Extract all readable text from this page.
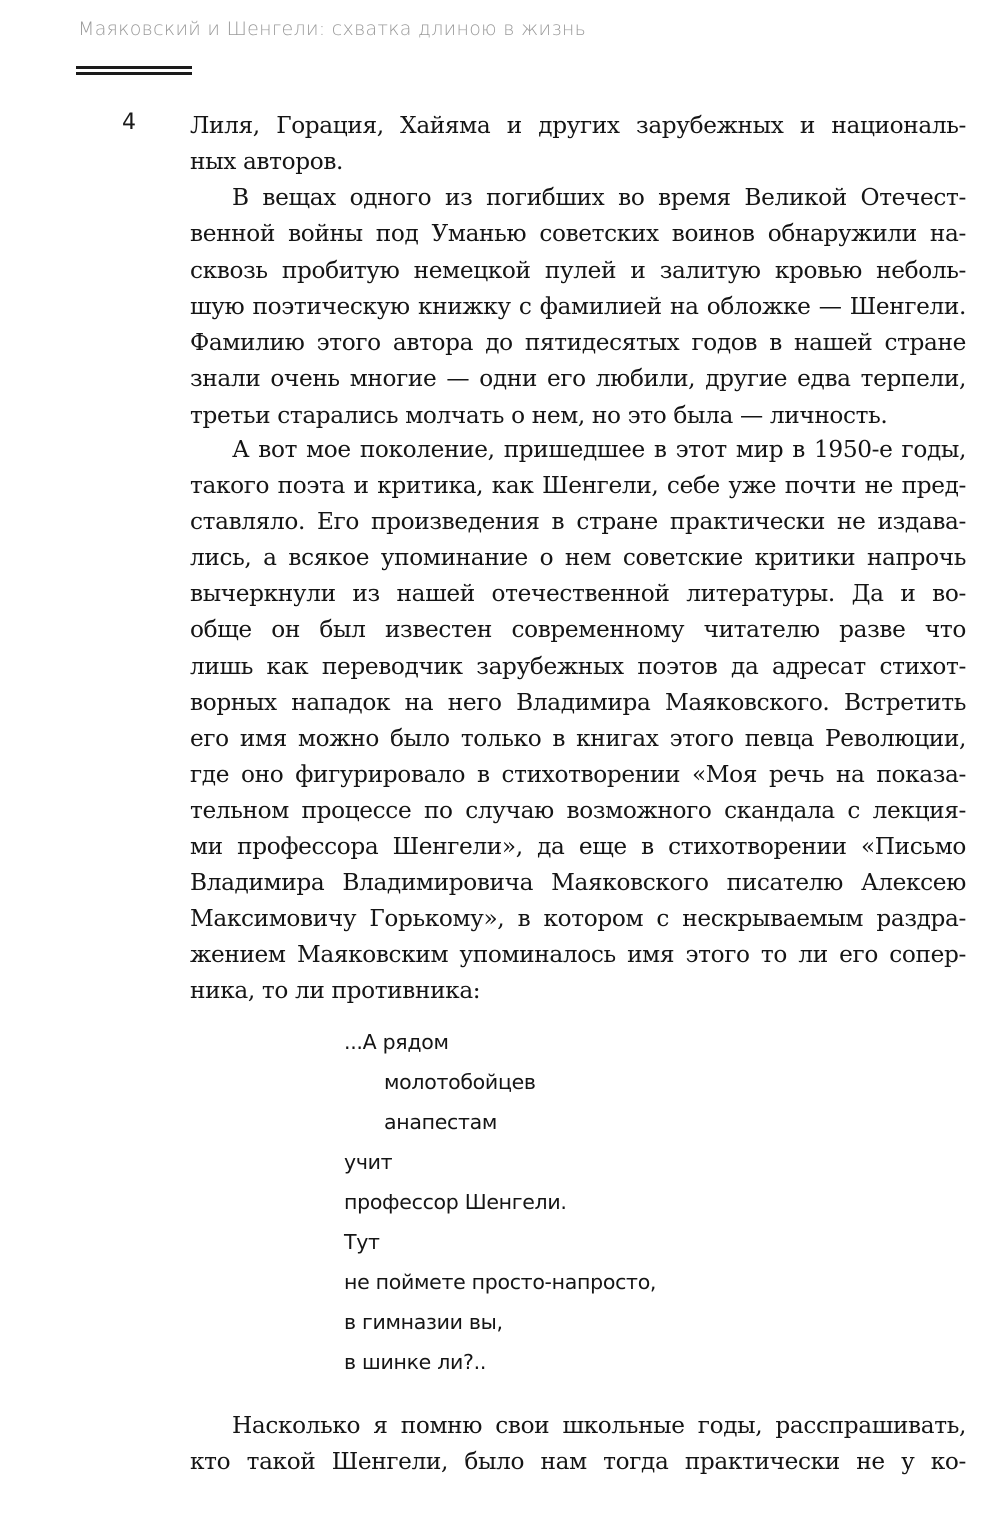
Маяковский и Шенгели: схватка длиною в жизнь
4 Лиля, Горация, Хайяма и других зарубежных и националь-
ных авторов.
В вещах одного из погибших во время Великой Отечест-
венной войны под Уманью советских воинов обнаружили на-
сквозь пробитую немецкой пулей и залитую кровью неболь-
шую поэтическую книжку с фамилией на обложке — Шенгели.
Фамилию этого автора до пятидесятых годов в нашей стране
знали очень многие — одни его любили, другие едва терпели,
третьи старались молчать о нем, но это была — личность.
А вот мое поколение, пришедшее в этот мир в 1950-е годы,
такого поэта и критика, как Шенгели, себе уже почти не пред-
ставляло. Его произведения в стране практически не издава-
лись, а всякое упоминание о нем советские критики напрочь
вычеркнули из нашей отечественной литературы. Да и во-
обще он был известен современному читателю разве что
лишь как переводчик зарубежных поэтов да адресат стихот-
ворных нападок на него Владимира Маяковского. Встретить
его имя можно было только в книгах этого певца Революции,
где оно фигурировало в стихотворении «Моя речь на показа-
тельном процессе по случаю возможного скандала с лекция-
ми профессора Шенгели», да еще в стихотворении «Письмо
Владимира Владимировича Маяковского писателю Алексею
Максимовичу Горькому», в котором с нескрываемым раздра-
жением Маяковским упоминалось имя этого то ли его сопер-
ника, то ли противника:
...А рядом
молотобойцев
анапестам
учит
профессор Шенгели.
Тут
не поймете просто-напросто,
в гимназии вы,
в шинке ли?..
Насколько я помню свои школьные годы, расспрашивать,
кто такой Шенгели, было нам тогда практически не у ко-
